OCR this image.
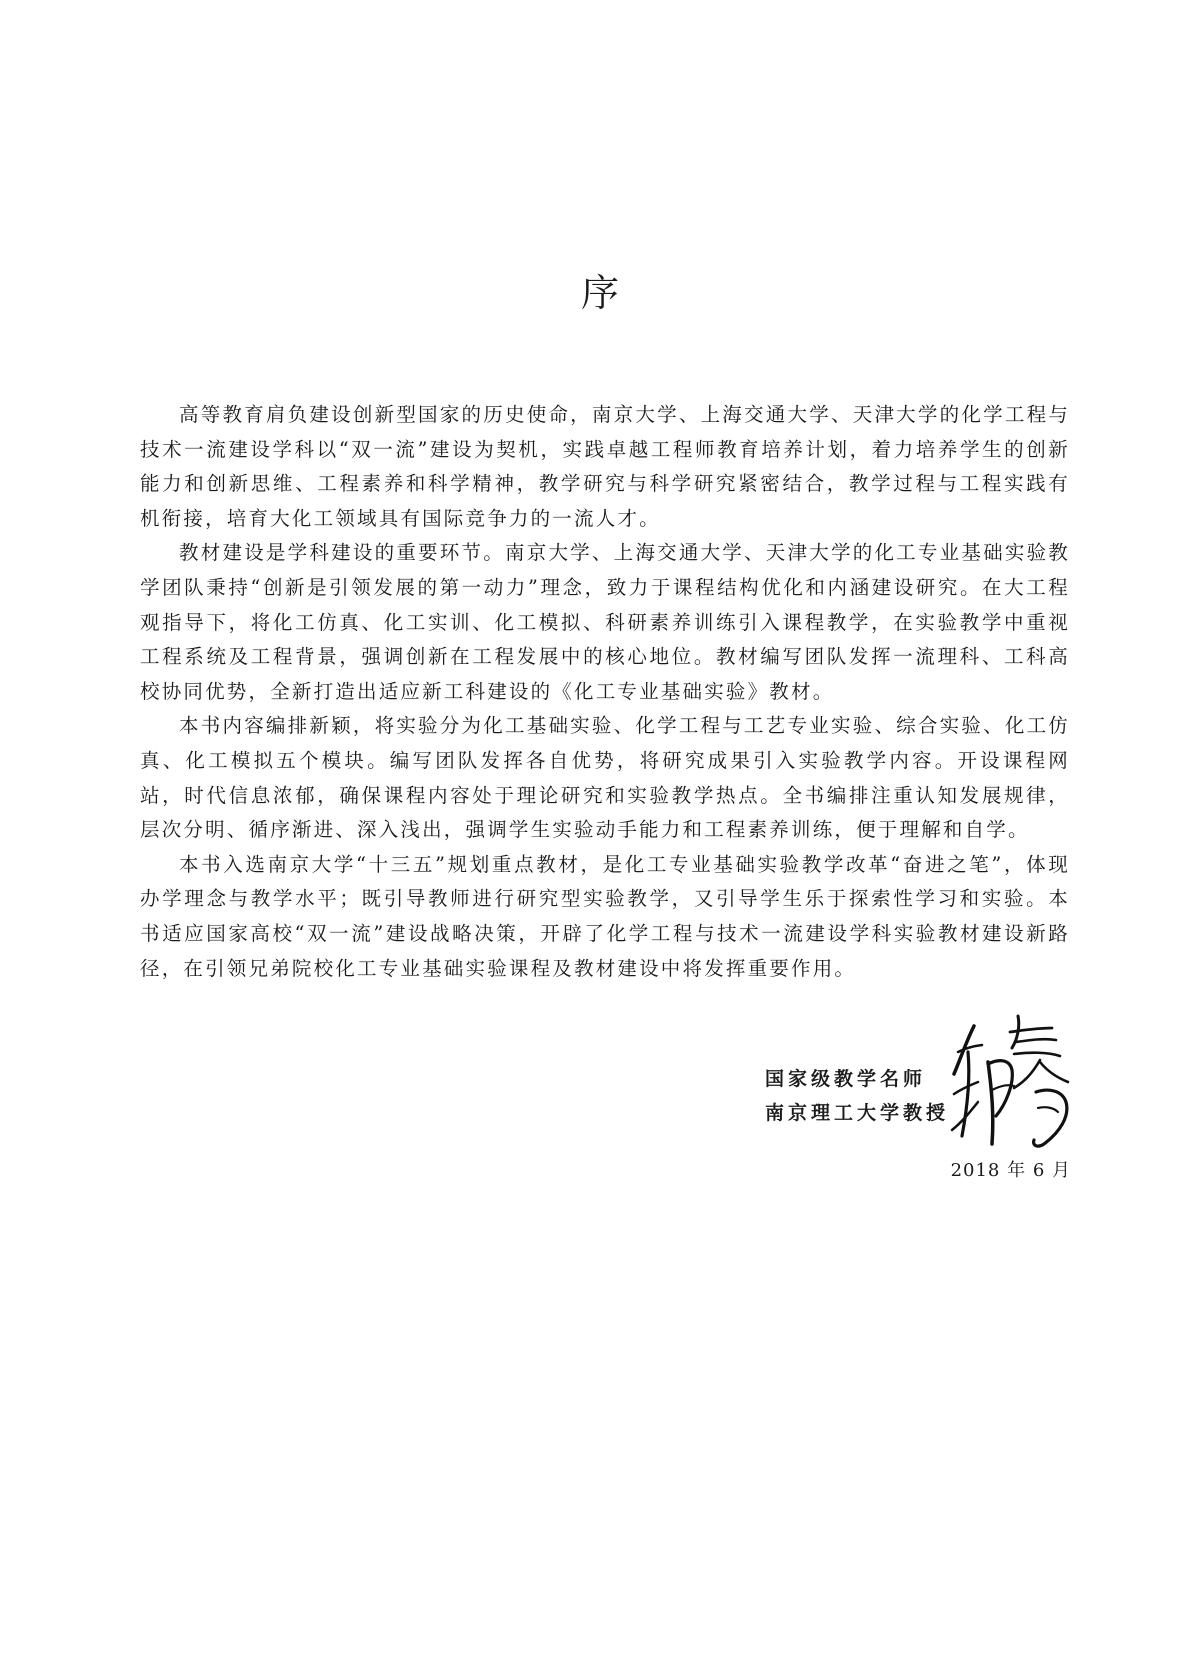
序

高等教育肩负建设创新型国家的历史使命，南京大学、上海交通大学、天津大学的化学工程与技术一流建设学科以“双一流”建设为契机，实践卓越工程师教育培养计划，着力培养学生的创新能力和创新思维、工程素养和科学精神，教学研究与科学研究紧密结合，教学过程与工程实践有机衔接，培育大化工领域具有国际竞争力的一流人才。

教材建设是学科建设的重要环节。南京大学、上海交通大学、天津大学的化工专业基础实验教学团队秉持“创新是引领发展的第一动力”理念，致力于课程结构优化和内涵建设研究。在大工程观指导下，将化工仿真、化工实训、化工模拟、科研素养训练引入课程教学，在实验教学中重视工程系统及工程背景，强调创新在工程发展中的核心地位。教材编写团队发挥一流理科、工科高校协同优势，全新打造出适应新工科建设的《化工专业基础实验》教材。

本书内容编排新颖，将实验分为化工基础实验、化学工程与工艺专业实验、综合实验、化工仿真、化工模拟五个模块。编写团队发挥各自优势，将研究成果引入实验教学内容。开设课程网站，时代信息浓郁，确保课程内容处于理论研究和实验教学热点。全书编排注重认知发展规律，层次分明、循序渐进、深入浅出，强调学生实验动手能力和工程素养训练，便于理解和自学。

本书入选南京大学“十三五”规划重点教材，是化工专业基础实验教学改革“奋进之笔”，体现办学理念与教学水平；既引导教师进行研究型实验教学，又引导学生乐于探索性学习和实验。本书适应国家高校“双一流”建设战略决策，开辟了化学工程与技术一流建设学科实验教材建设新路径，在引领兄弟院校化工专业基础实验课程及教材建设中将发挥重要作用。

国家级教学名师
南京理工大学教授
2018 年 6 月
